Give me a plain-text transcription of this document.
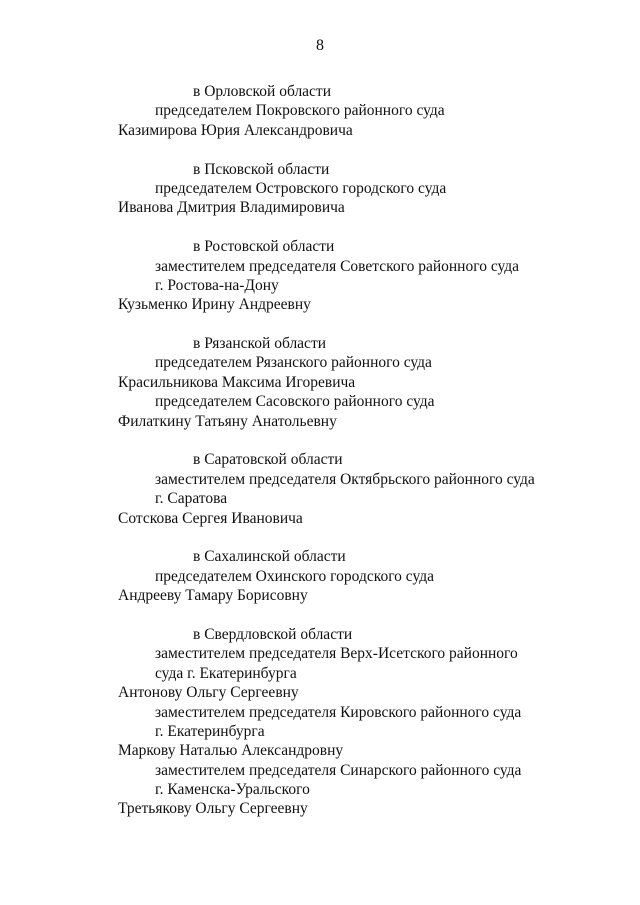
8
в Орловской области
председателем Покровского районного суда
Казимирова Юрия Александровича
в Псковской области
председателем Островского городского суда
Иванова Дмитрия Владимировича
в Ростовской области
заместителем председателя Советского районного суда
г. Ростова-на-Дону
Кузьменко Ирину Андреевну
в Рязанской области
председателем Рязанского районного суда
Красильникова Максима Игоревича
председателем Сасовского районного суда
Филаткину Татьяну Анатольевну
в Саратовской области
заместителем председателя Октябрьского районного суда
г. Саратова
Сотскова Сергея Ивановича
в Сахалинской области
председателем Охинского городского суда
Андрееву Тамару Борисовну
в Свердловской области
заместителем председателя Верх-Исетского районного
суда г. Екатеринбурга
Антонову Ольгу Сергеевну
заместителем председателя Кировского районного суда
г. Екатеринбурга
Маркову Наталью Александровну
заместителем председателя Синарского районного суда
г. Каменска-Уральского
Третьякову Ольгу Сергеевну
